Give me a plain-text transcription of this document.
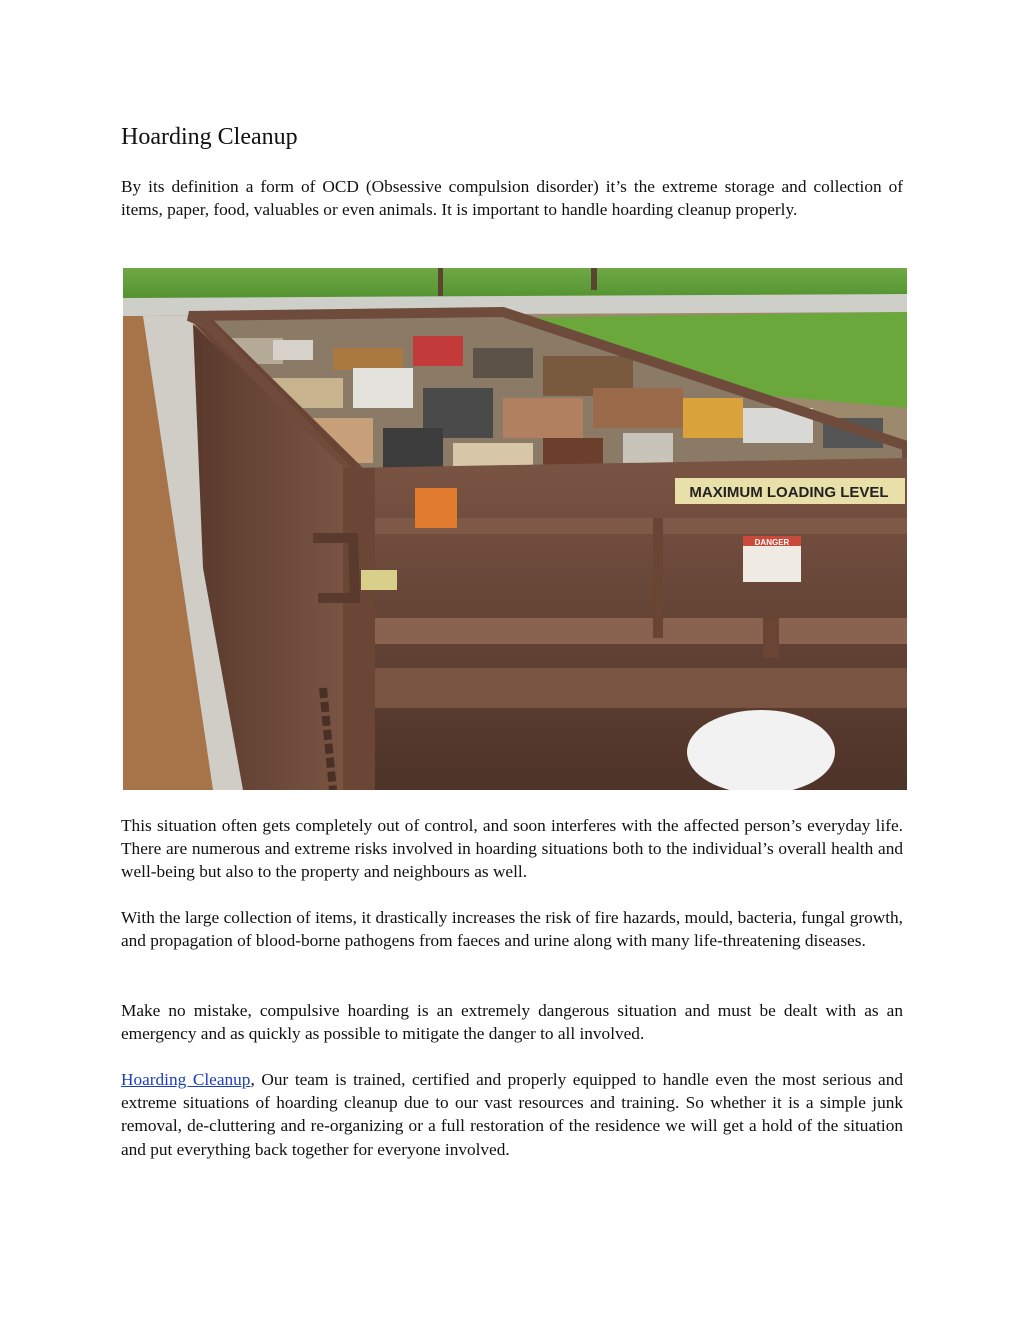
Hoarding Cleanup

By its definition a form of OCD (Obsessive compulsion disorder) it’s the extreme storage and collection of items, paper, food, valuables or even animals. It is important to handle hoarding cleanup properly.

MAXIMUM LOADING LEVEL
DANGER

This situation often gets completely out of control, and soon interferes with the affected person’s everyday life. There are numerous and extreme risks involved in hoarding situations both to the individual’s overall health and well-being but also to the property and neighbours as well.

With the large collection of items, it drastically increases the risk of fire hazards, mould, bacteria, fungal growth, and propagation of blood-borne pathogens from faeces and urine along with many life-threatening diseases.

Make no mistake, compulsive hoarding is an extremely dangerous situation and must be dealt with as an emergency and as quickly as possible to mitigate the danger to all involved.

Hoarding Cleanup, Our team is trained, certified and properly equipped to handle even the most serious and extreme situations of hoarding cleanup due to our vast resources and training. So whether it is a simple junk removal, de-cluttering and re-organizing or a full restoration of the residence we will get a hold of the situation and put everything back together for everyone involved.
